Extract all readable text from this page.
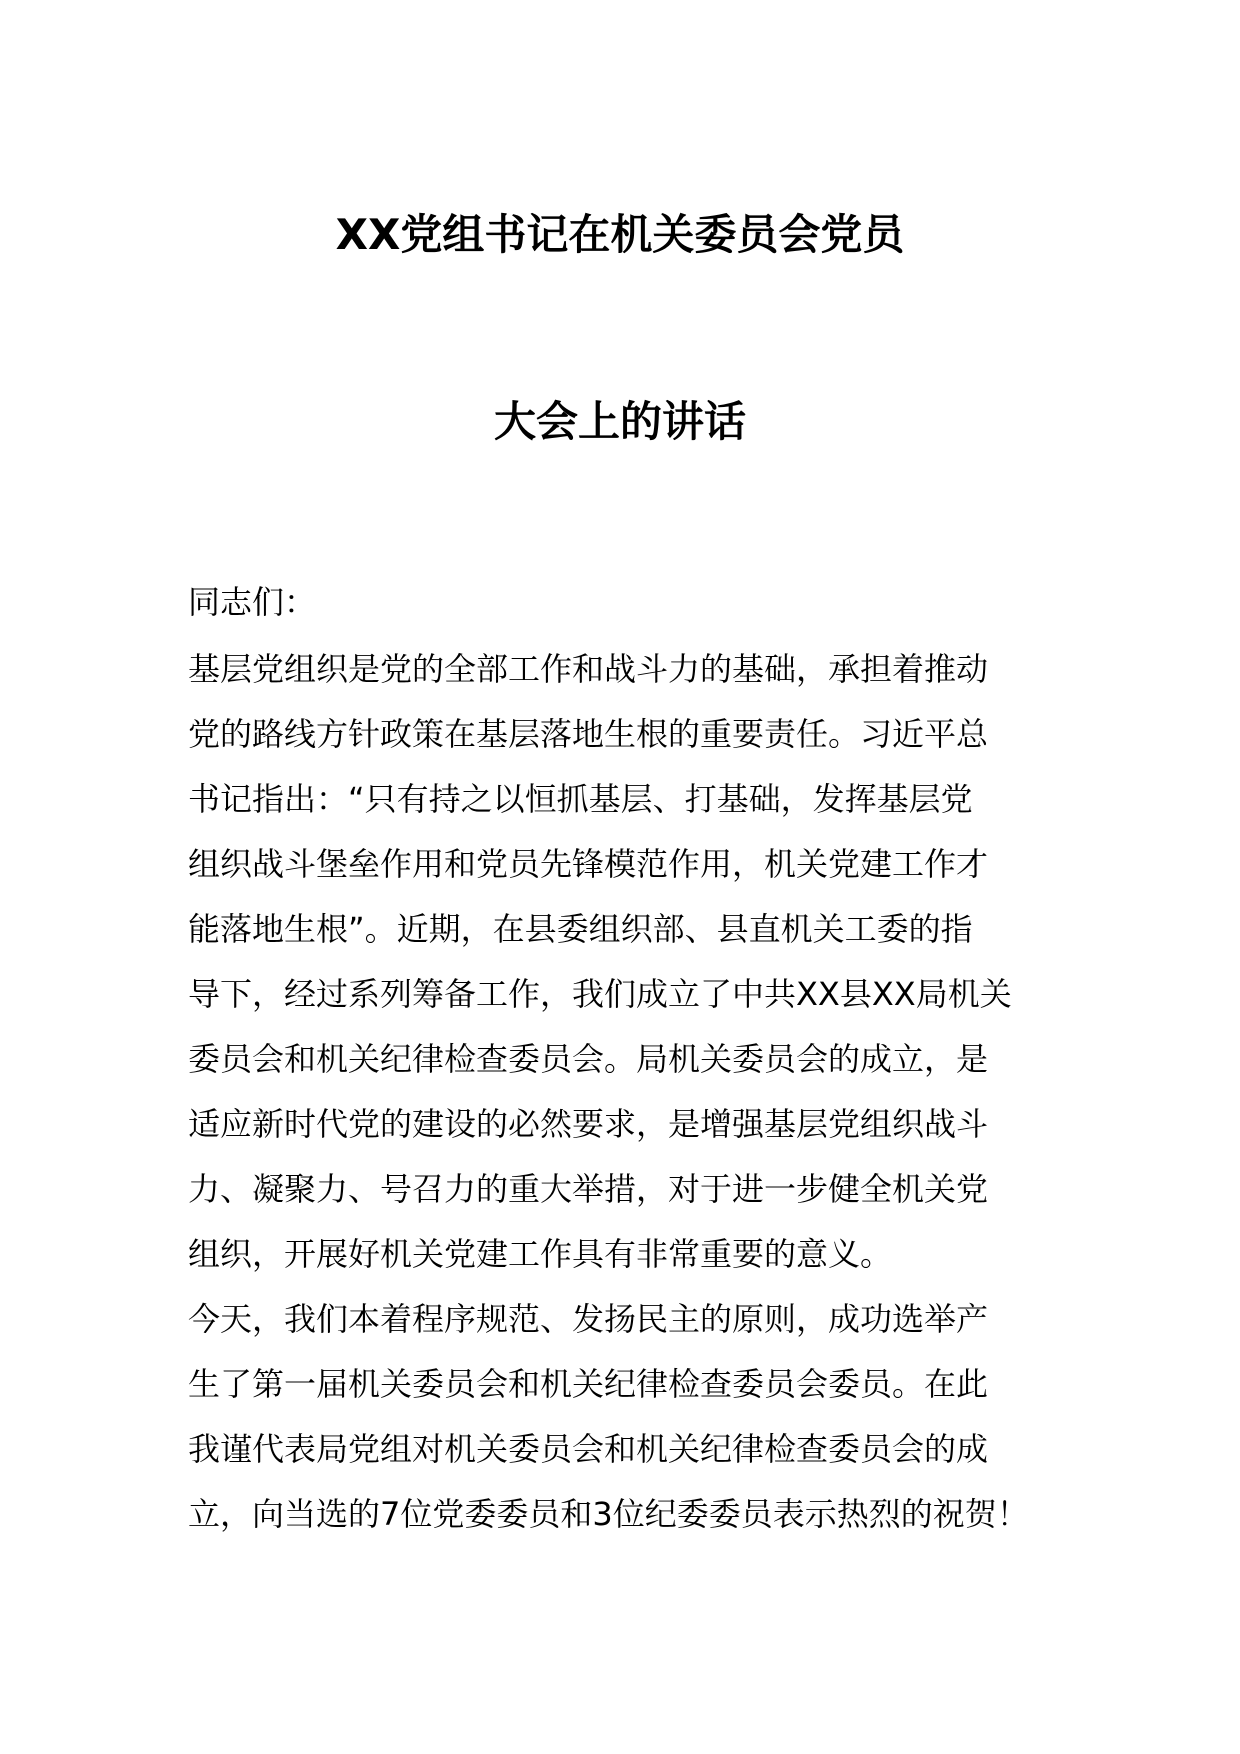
XX党组书记在机关委员会党员
大会上的讲话
同志们：
基层党组织是党的全部工作和战斗力的基础，承担着推动
党的路线方针政策在基层落地生根的重要责任。习近平总
书记指出：“只有持之以恒抓基层、打基础，发挥基层党
组织战斗堡垒作用和党员先锋模范作用，机关党建工作才
能落地生根”。近期，在县委组织部、县直机关工委的指
导下，经过系列筹备工作，我们成立了中共XX县XX局机关
委员会和机关纪律检查委员会。局机关委员会的成立，是
适应新时代党的建设的必然要求，是增强基层党组织战斗
力、凝聚力、号召力的重大举措，对于进一步健全机关党
组织，开展好机关党建工作具有非常重要的意义。
今天，我们本着程序规范、发扬民主的原则，成功选举产
生了第一届机关委员会和机关纪律检查委员会委员。在此
我谨代表局党组对机关委员会和机关纪律检查委员会的成
立，向当选的7位党委委员和3位纪委委员表示热烈的祝贺！
